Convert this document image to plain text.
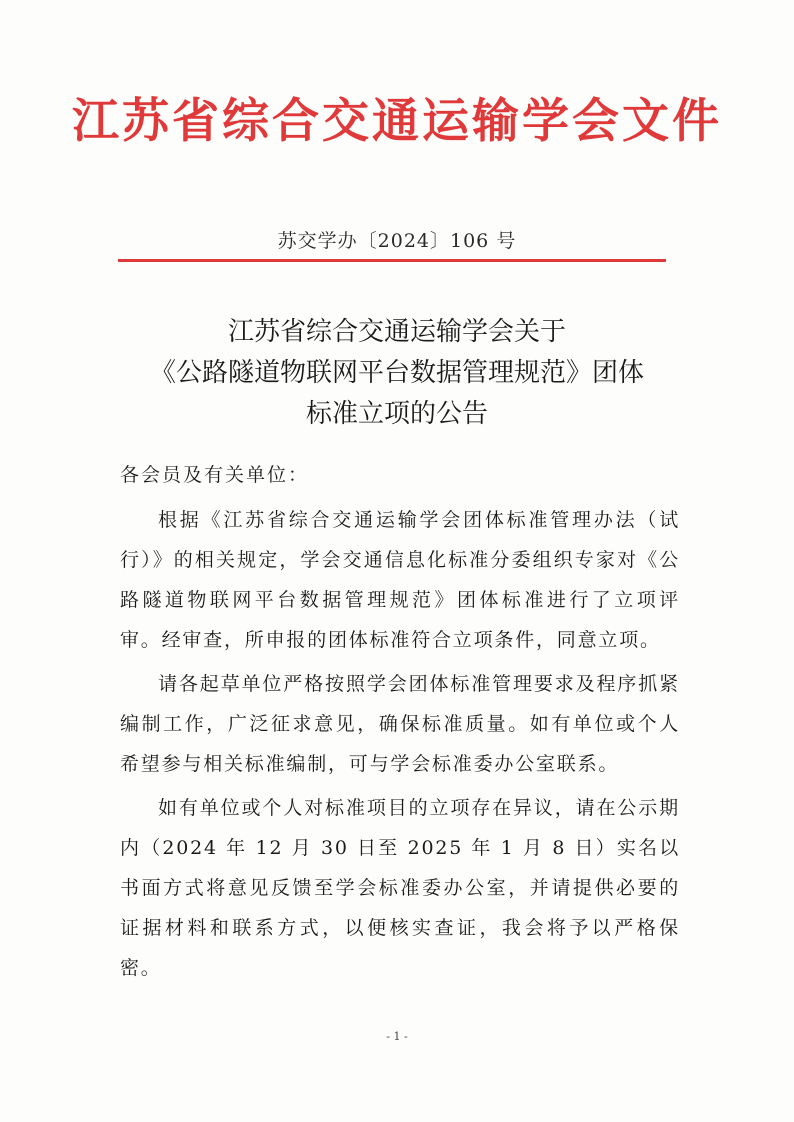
江苏省综合交通运输学会文件
苏交学办〔2024〕106 号
江苏省综合交通运输学会关于
《公路隧道物联网平台数据管理规范》团体
标准立项的公告
各会员及有关单位：

根据《江苏省综合交通运输学会团体标准管理办法（试行）》的相关规定，学会交通信息化标准分委组织专家对《公路隧道物联网平台数据管理规范》团体标准进行了立项评审。经审查，所申报的团体标准符合立项条件，同意立项。

请各起草单位严格按照学会团体标准管理要求及程序抓紧编制工作，广泛征求意见，确保标准质量。如有单位或个人希望参与相关标准编制，可与学会标准委办公室联系。

如有单位或个人对标准项目的立项存在异议，请在公示期内（2024 年 12 月 30 日至 2025 年 1 月 8 日）实名以书面方式将意见反馈至学会标准委办公室，并请提供必要的证据材料和联系方式，以便核实查证，我会将予以严格保密。

- 1 -
